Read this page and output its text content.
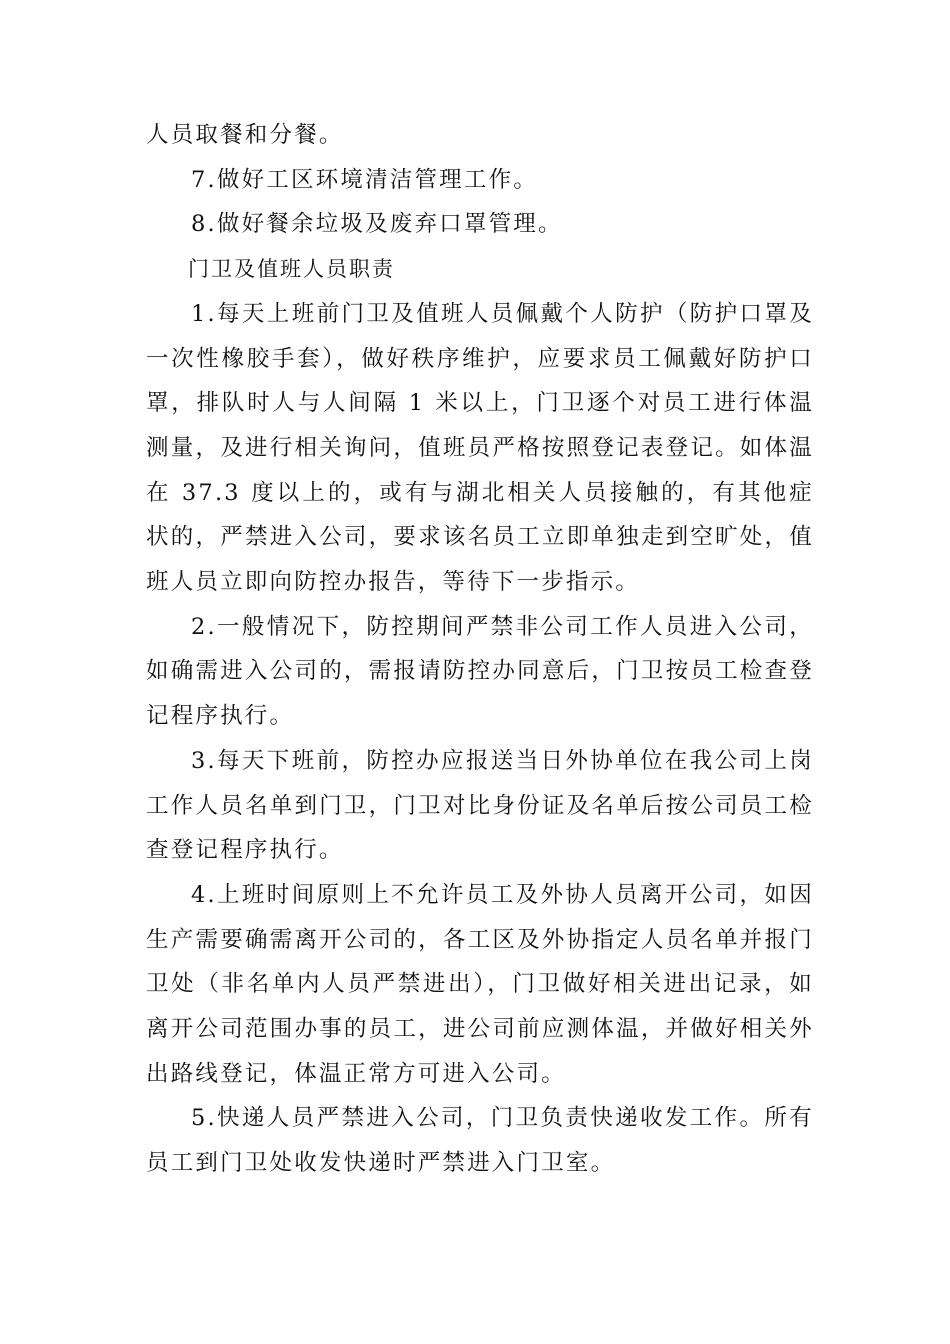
人员取餐和分餐。

7.做好工区环境清洁管理工作。

8.做好餐余垃圾及废弃口罩管理。

门卫及值班人员职责

1.每天上班前门卫及值班人员佩戴个人防护（防护口罩及一次性橡胶手套），做好秩序维护，应要求员工佩戴好防护口罩，排队时人与人间隔 1 米以上，门卫逐个对员工进行体温测量，及进行相关询问，值班员严格按照登记表登记。如体温在 37.3 度以上的，或有与湖北相关人员接触的，有其他症状的，严禁进入公司，要求该名员工立即单独走到空旷处，值班人员立即向防控办报告，等待下一步指示。

2.一般情况下，防控期间严禁非公司工作人员进入公司，如确需进入公司的，需报请防控办同意后，门卫按员工检查登记程序执行。

3.每天下班前，防控办应报送当日外协单位在我公司上岗工作人员名单到门卫，门卫对比身份证及名单后按公司员工检查登记程序执行。

4.上班时间原则上不允许员工及外协人员离开公司，如因生产需要确需离开公司的，各工区及外协指定人员名单并报门卫处（非名单内人员严禁进出），门卫做好相关进出记录，如离开公司范围办事的员工，进公司前应测体温，并做好相关外出路线登记，体温正常方可进入公司。

5.快递人员严禁进入公司，门卫负责快递收发工作。所有员工到门卫处收发快递时严禁进入门卫室。
